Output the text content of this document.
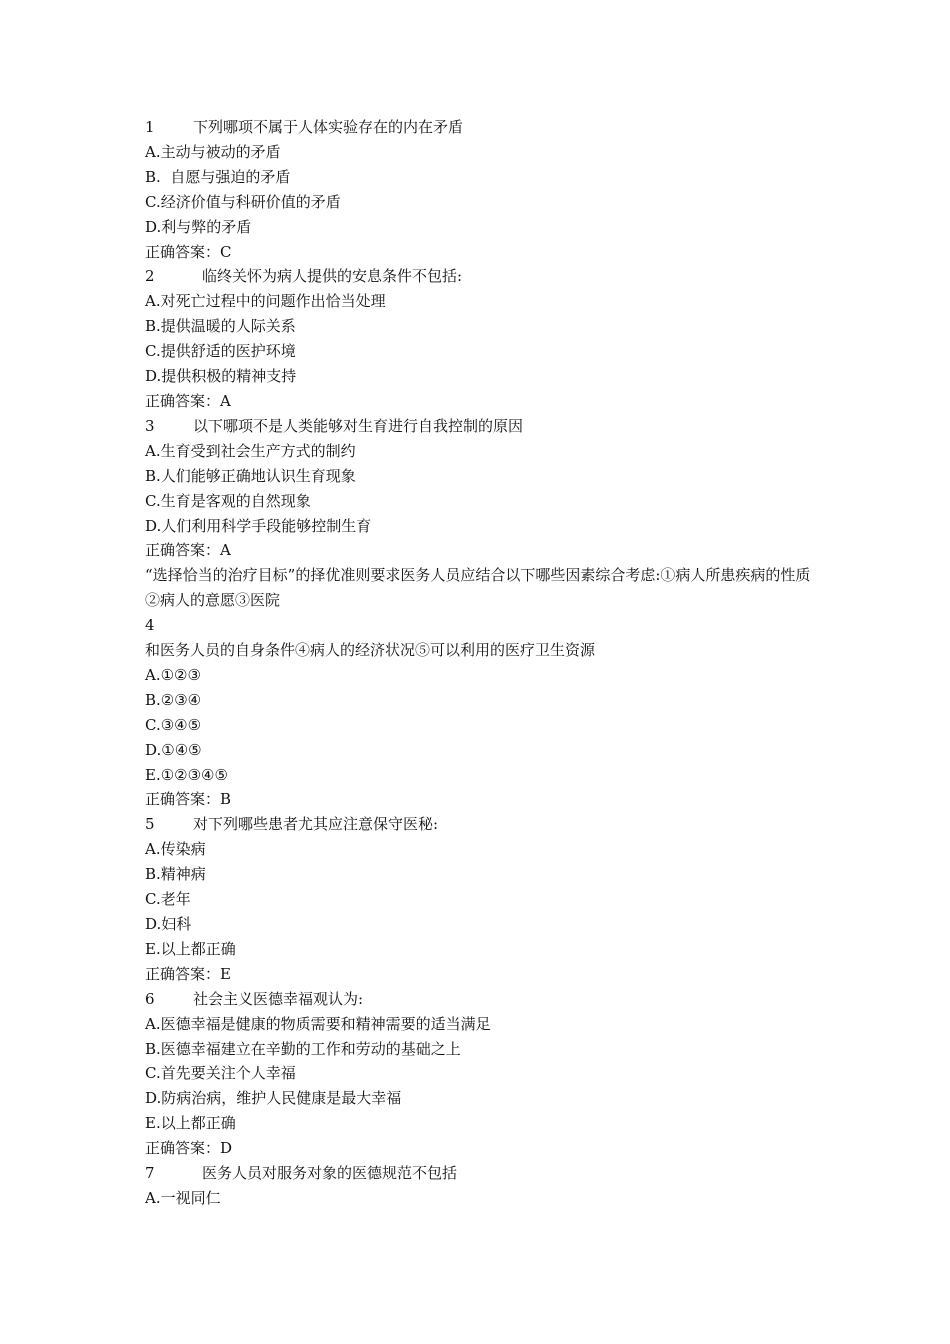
1	下列哪项不属于人体实验存在的内在矛盾
A.主动与被动的矛盾
B.  自愿与强迫的矛盾
C.经济价值与科研价值的矛盾
D.利与弊的矛盾
正确答案：C
2	临终关怀为病人提供的安息条件不包括:
A.对死亡过程中的问题作出恰当处理
B.提供温暖的人际关系
C.提供舒适的医护环境
D.提供积极的精神支持
正确答案：A
3	以下哪项不是人类能够对生育进行自我控制的原因
A.生育受到社会生产方式的制约
B.人们能够正确地认识生育现象
C.生育是客观的自然现象
D.人们利用科学手段能够控制生育
正确答案：A
“选择恰当的治疗目标”的择优准则要求医务人员应结合以下哪些因素综合考虑:①病人所患疾病的性质②病人的意愿③医院
4
和医务人员的自身条件④病人的经济状况⑤可以利用的医疗卫生资源
A.①②③
B.②③④
C.③④⑤
D.①④⑤
E.①②③④⑤
正确答案：B
5	对下列哪些患者尤其应注意保守医秘:
A.传染病
B.精神病
C.老年
D.妇科
E.以上都正确
正确答案：E
6	社会主义医德幸福观认为:
A.医德幸福是健康的物质需要和精神需要的适当满足
B.医德幸福建立在辛勤的工作和劳动的基础之上
C.首先要关注个人幸福
D.防病治病，维护人民健康是最大幸福
E.以上都正确
正确答案：D
7	医务人员对服务对象的医德规范不包括
A.一视同仁
